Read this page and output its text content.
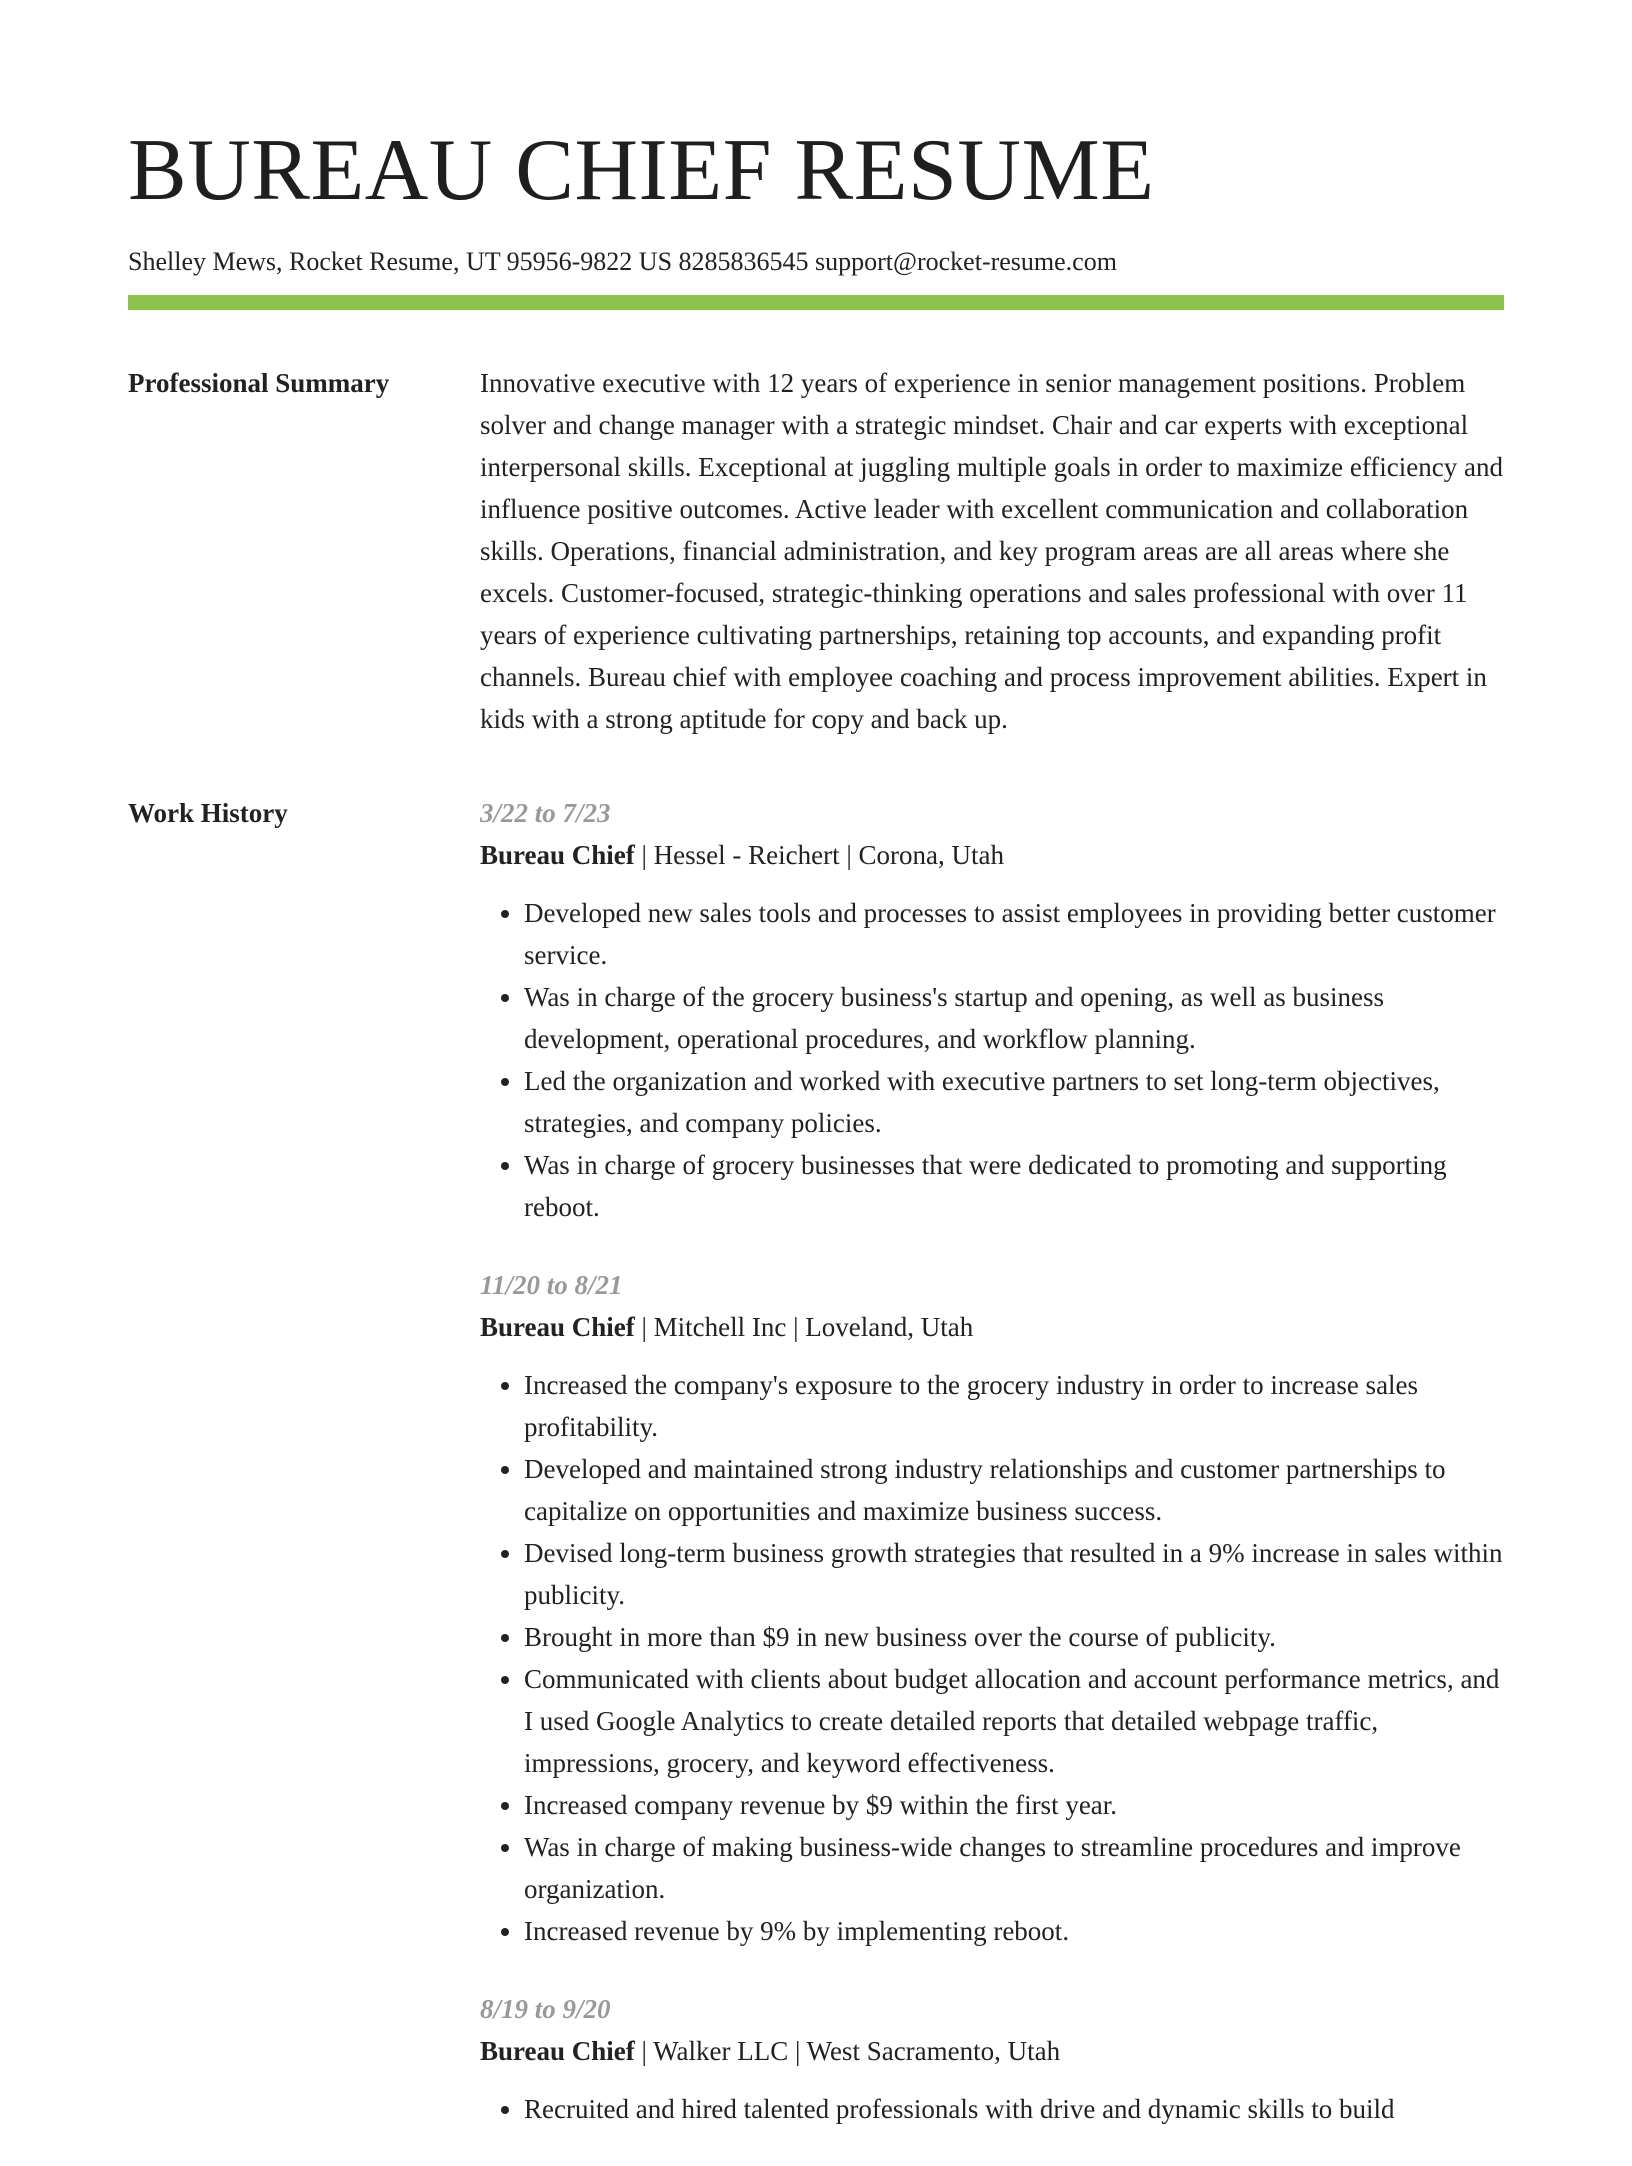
BUREAU CHIEF RESUME
Shelley Mews, Rocket Resume, UT 95956-9822 US 8285836545 support@rocket-resume.com
Professional Summary	Innovative executive with 12 years of experience in senior management positions. Problem solver and change manager with a strategic mindset. Chair and car experts with exceptional interpersonal skills. Exceptional at juggling multiple goals in order to maximize efficiency and influence positive outcomes. Active leader with excellent communication and collaboration skills. Operations, financial administration, and key program areas are all areas where she excels. Customer-focused, strategic-thinking operations and sales professional with over 11 years of experience cultivating partnerships, retaining top accounts, and expanding profit channels. Bureau chief with employee coaching and process improvement abilities. Expert in kids with a strong aptitude for copy and back up.

Work History	3/22 to 7/23
Bureau Chief | Hessel - Reichert | Corona, Utah
• Developed new sales tools and processes to assist employees in providing better customer service.
• Was in charge of the grocery business's startup and opening, as well as business development, operational procedures, and workflow planning.
• Led the organization and worked with executive partners to set long-term objectives, strategies, and company policies.
• Was in charge of grocery businesses that were dedicated to promoting and supporting reboot.
11/20 to 8/21
Bureau Chief | Mitchell Inc | Loveland, Utah
• Increased the company's exposure to the grocery industry in order to increase sales profitability.
• Developed and maintained strong industry relationships and customer partnerships to capitalize on opportunities and maximize business success.
• Devised long-term business growth strategies that resulted in a 9% increase in sales within publicity.
• Brought in more than $9 in new business over the course of publicity.
• Communicated with clients about budget allocation and account performance metrics, and I used Google Analytics to create detailed reports that detailed webpage traffic, impressions, grocery, and keyword effectiveness.
• Increased company revenue by $9 within the first year.
• Was in charge of making business-wide changes to streamline procedures and improve organization.
• Increased revenue by 9% by implementing reboot.
8/19 to 9/20
Bureau Chief | Walker LLC | West Sacramento, Utah
• Recruited and hired talented professionals with drive and dynamic skills to build
